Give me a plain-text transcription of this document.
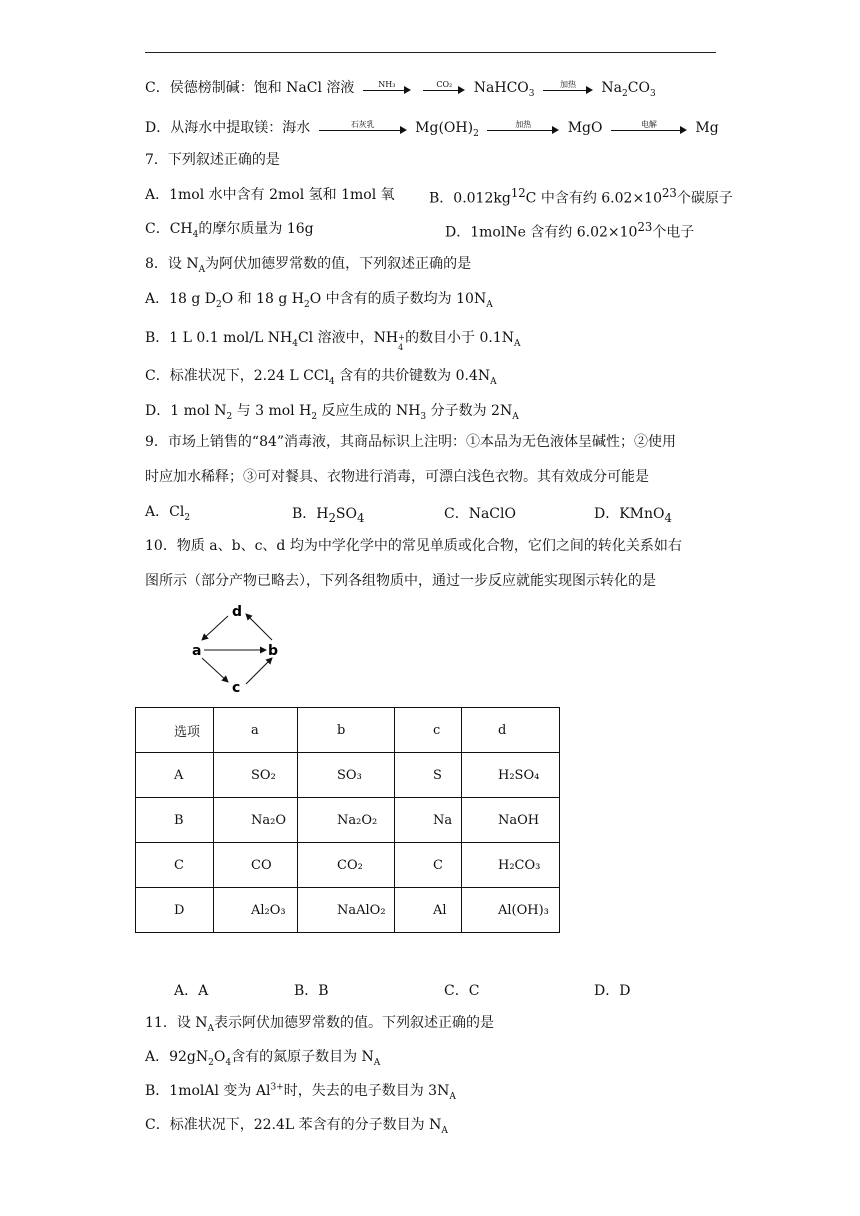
C．侯德榜制碱：饱和 NaCl 溶液	NH₃
	CO₂	NaHCO$_3$
加热	$Na_2CO_3$
D．从海水中提取镁：海水	石灰乳	$Mg(OH)_2$
加热	MgO	电解	Mg
7．下列叙述正确的是
A．1mol 水中含有 2mol 氢和 1mol 氧 B．$0.012kg^{12}C$ 中含有约 $6.02\times 10^{23}$个碳原子
C．$CH_4$的摩尔质量为 16g	D．1molNe 含有约 $6.02\times 10^{23}$个电子
8．设 $N_A$为阿伏加德罗常数的值，下列叙述正确的是
A．18 g $D_2O$ 和 18 g $H_2O$ 中含有的质子数均为 $10N_A$
B．1 L 0.1 mol/L $NH_4Cl$ 溶液中，NH +
4
的数目小于 $0.1N_A$
C．标准状况下，2.24 L CCl$_4$ 含有的共价键数为 $0.4N_A$
D．1 mol $N_2$ 与 3 mol $H_2$ 反应生成的 $NH_3$ 分子数为 $2N_A$
9．市场上销售的“84”消毒液，其商品标识上注明：①本品为无色液体呈碱性；②使用
时应加水稀释；③可对餐具、衣物进行消毒，可漂白浅色衣物。其有效成分可能是
A．$Cl_2$	B．$H_2SO_4$	C．NaClO	D．KMnO$_4$
10．物质 a、b、c、d 均为中学化学中的常见单质或化合物，它们之间的转化关系如右
图所示（部分产物已略去），下列各组物质中，通过一步反应就能实现图示转化的是
d
a	b
c
选项	a	b	c	d
A	SO₂	SO₃	S	H₂SO₄
B	Na₂O	Na₂O₂	Na	NaOH
C	CO	CO₂	C	H₂CO₃
D	Al₂O₃	NaAlO₂	Al	Al(OH)₃
A．A	B．B	C．C	D．D
11．设 $N_A$表示阿伏加德罗常数的值。下列叙述正确的是
A．$92gN_2O_4$含有的氮原子数目为 $N_A$
B．1molAl 变为 $Al^{3+}$时，失去的电子数目为 $3N_A$
C．标准状况下，22.4L 苯含有的分子数目为 $N_A$
